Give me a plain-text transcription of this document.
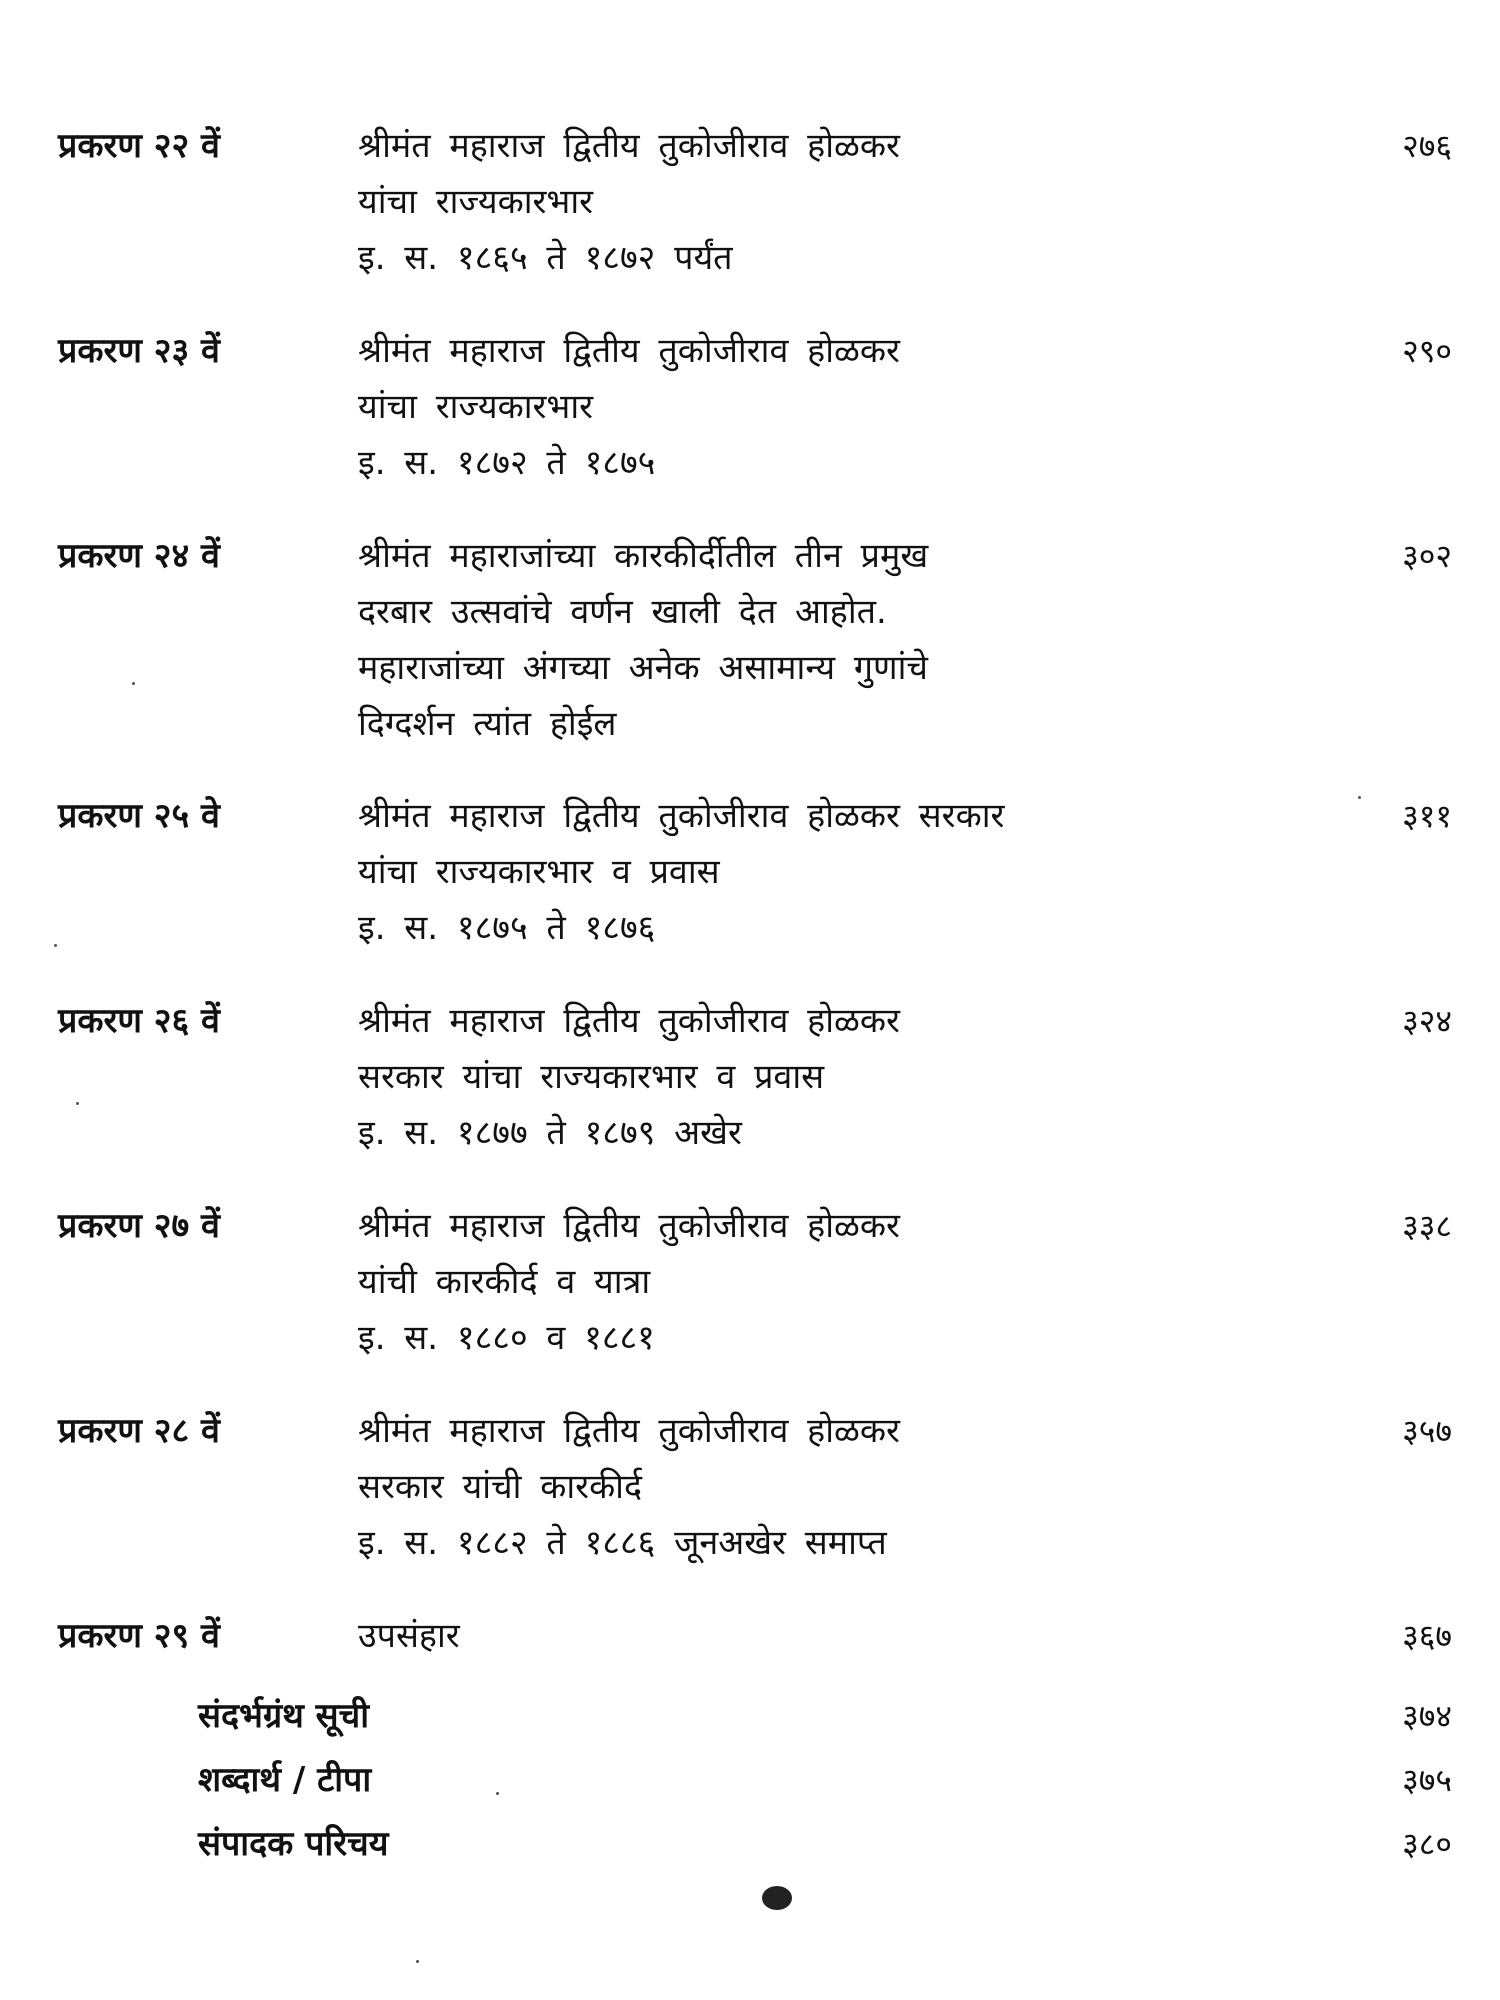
प्रकरण २२ वें	श्रीमंत महाराज द्वितीय तुकोजीराव होळकर
यांचा राज्यकारभार
इ. स. १८६५ ते १८७२ पर्यंत
२७६
प्रकरण २३ वें	श्रीमंत महाराज द्वितीय तुकोजीराव होळकर
यांचा राज्यकारभार
इ. स. १८७२ ते १८७५
२९०
प्रकरण २४ वें	श्रीमंत महाराजांच्या कारकीर्दीतील तीन प्रमुख
दरबार उत्सवांचे वर्णन खाली देत आहोत.
महाराजांच्या अंगच्या अनेक असामान्य गुणांचे
दिग्दर्शन त्यांत होईल
३०२
प्रकरण २५ वे	श्रीमंत महाराज द्वितीय तुकोजीराव होळकर सरकार
यांचा राज्यकारभार व प्रवास
इ. स. १८७५ ते १८७६
३११
प्रकरण २६ वें	श्रीमंत महाराज द्वितीय तुकोजीराव होळकर
सरकार यांचा राज्यकारभार व प्रवास
इ. स. १८७७ ते १८७९ अखेर
३२४
प्रकरण २७ वें	श्रीमंत महाराज द्वितीय तुकोजीराव होळकर
यांची कारकीर्द व यात्रा
इ. स. १८८० व १८८१
३३८
प्रकरण २८ वें	श्रीमंत महाराज द्वितीय तुकोजीराव होळकर
सरकार यांची कारकीर्द
इ. स. १८८२ ते १८८६ जूनअखेर समाप्त
३५७
प्रकरण २९ वें	उपसंहार	३६७
संदर्भग्रंथ सूची	३७४
शब्दार्थ / टीपा	३७५
संपादक परिचय	३८०
